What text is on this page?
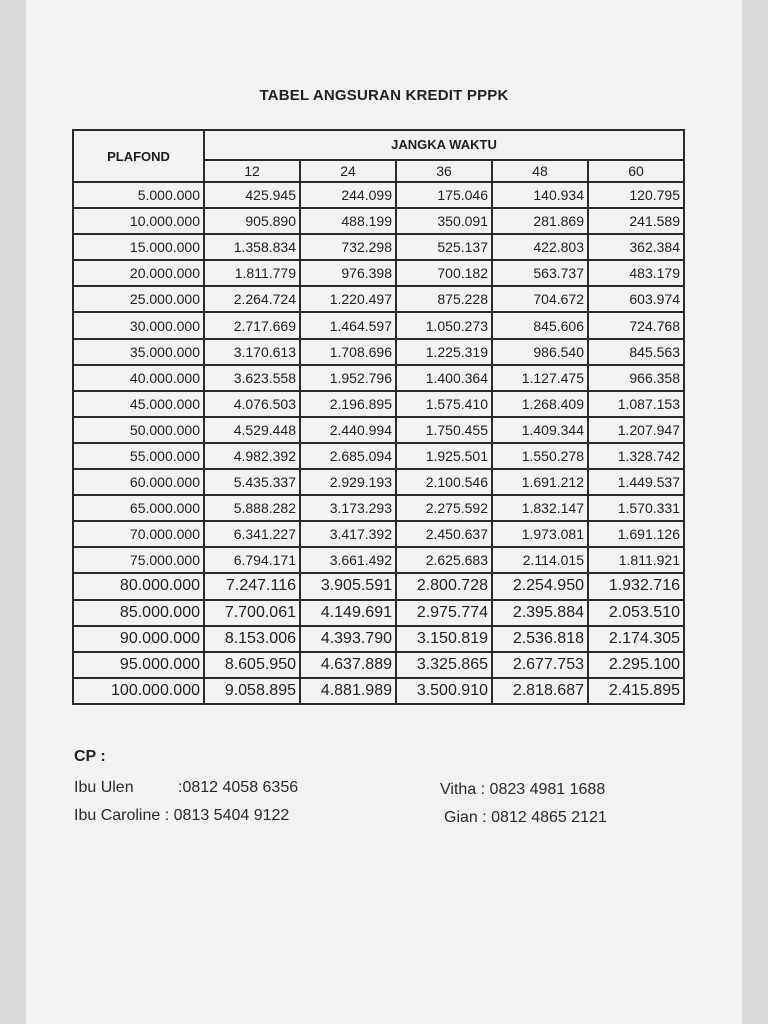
TABEL ANGSURAN KREDIT PPPK
PLAFOND	JANGKA WAKTU				
	12	24	36	48	60
5.000.000	425.945	244.099	175.046	140.934	120.795
10.000.000	905.890	488.199	350.091	281.869	241.589
15.000.000	1.358.834	732.298	525.137	422.803	362.384
20.000.000	1.811.779	976.398	700.182	563.737	483.179
25.000.000	2.264.724	1.220.497	875.228	704.672	603.974
30.000.000	2.717.669	1.464.597	1.050.273	845.606	724.768
35.000.000	3.170.613	1.708.696	1.225.319	986.540	845.563
40.000.000	3.623.558	1.952.796	1.400.364	1.127.475	966.358
45.000.000	4.076.503	2.196.895	1.575.410	1.268.409	1.087.153
50.000.000	4.529.448	2.440.994	1.750.455	1.409.344	1.207.947
55.000.000	4.982.392	2.685.094	1.925.501	1.550.278	1.328.742
60.000.000	5.435.337	2.929.193	2.100.546	1.691.212	1.449.537
65.000.000	5.888.282	3.173.293	2.275.592	1.832.147	1.570.331
70.000.000	6.341.227	3.417.392	2.450.637	1.973.081	1.691.126
75.000.000	6.794.171	3.661.492	2.625.683	2.114.015	1.811.921
80.000.000	7.247.116	3.905.591	2.800.728	2.254.950	1.932.716
85.000.000	7.700.061	4.149.691	2.975.774	2.395.884	2.053.510
90.000.000	8.153.006	4.393.790	3.150.819	2.536.818	2.174.305
95.000.000	8.605.950	4.637.889	3.325.865	2.677.753	2.295.100
100.000.000	9.058.895	4.881.989	3.500.910	2.818.687	2.415.895
CP :
Ibu Ulen	:0812 4058 6356
Ibu Caroline : 0813 5404 9122
Vitha : 0823 4981 1688
Gian : 0812 4865 2121
